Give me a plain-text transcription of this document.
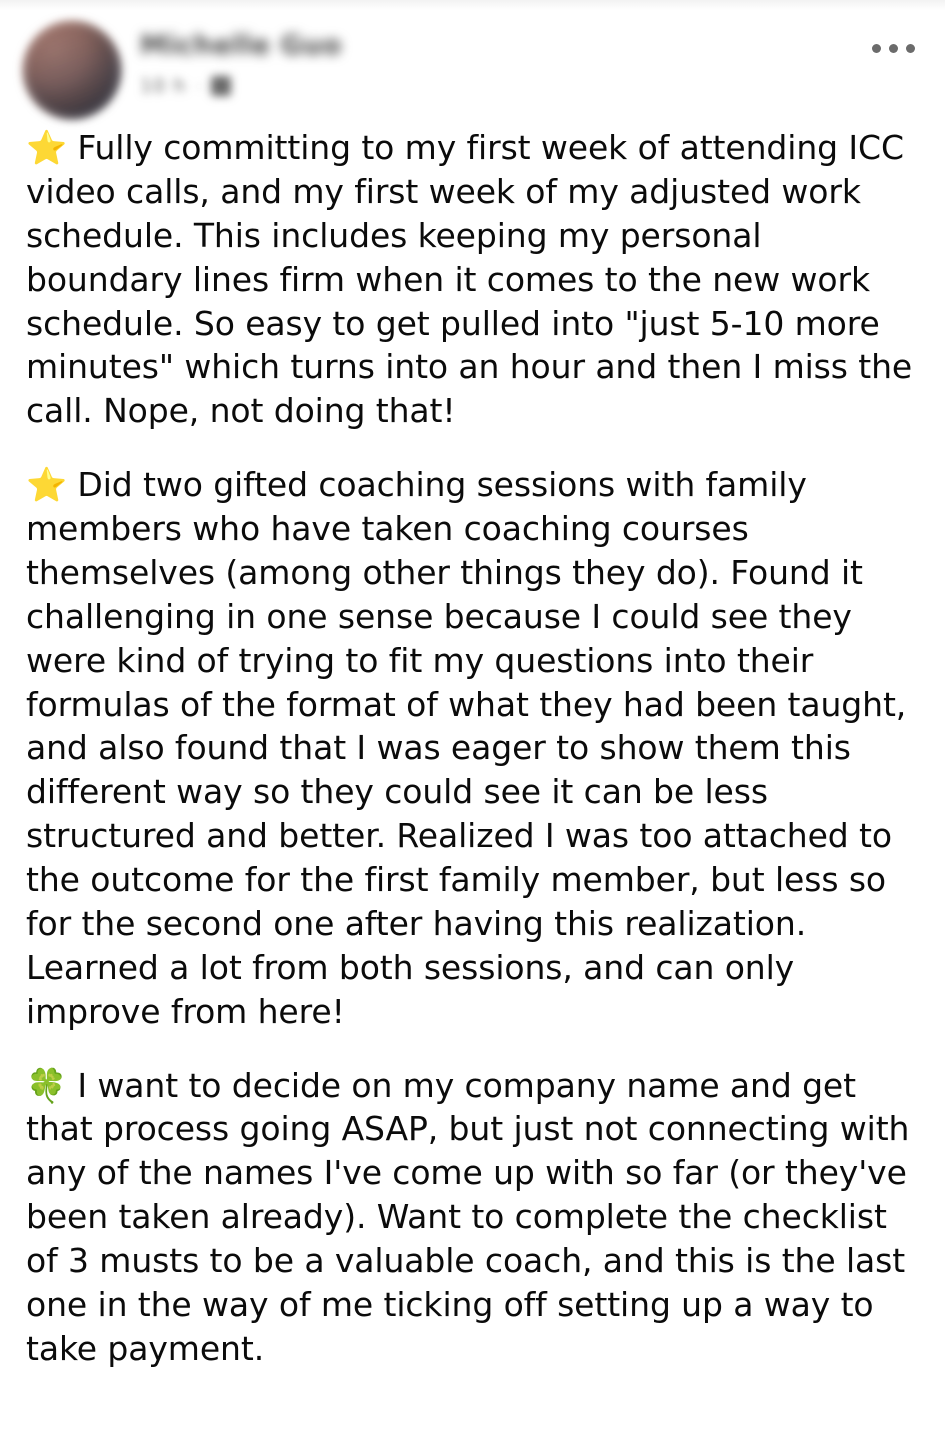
Michelle Guo
10 h ·

⭐ Fully committing to my first week of attending ICC video calls, and my first week of my adjusted work schedule. This includes keeping my personal boundary lines firm when it comes to the new work schedule. So easy to get pulled into "just 5-10 more minutes" which turns into an hour and then I miss the call. Nope, not doing that!

⭐ Did two gifted coaching sessions with family members who have taken coaching courses themselves (among other things they do). Found it challenging in one sense because I could see they were kind of trying to fit my questions into their formulas of the format of what they had been taught, and also found that I was eager to show them this different way so they could see it can be less structured and better. Realized I was too attached to the outcome for the first family member, but less so for the second one after having this realization. Learned a lot from both sessions, and can only improve from here!

🍀 I want to decide on my company name and get that process going ASAP, but just not connecting with any of the names I've come up with so far (or they've been taken already). Want to complete the checklist of 3 musts to be a valuable coach, and this is the last one in the way of me ticking off setting up a way to take payment.
